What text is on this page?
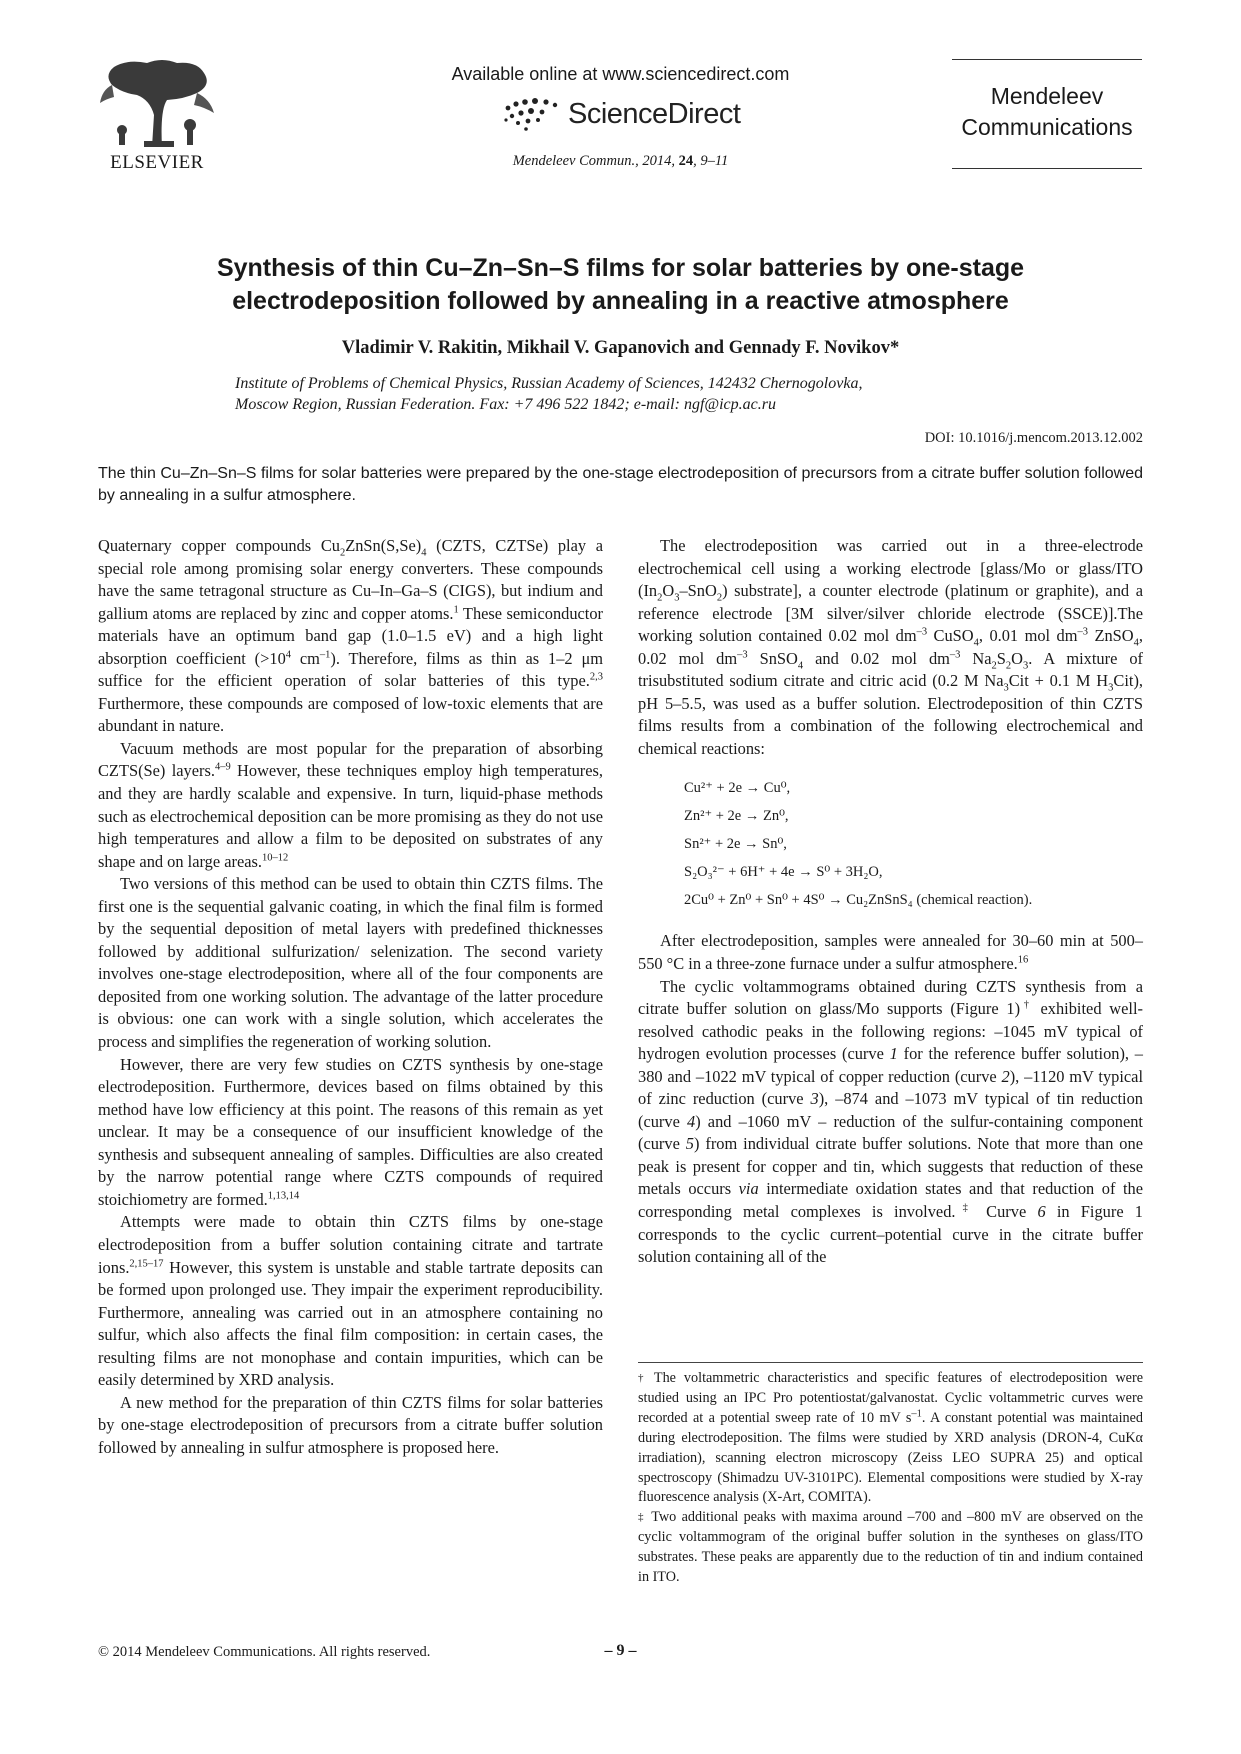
ELSEVIER
Available online at www.sciencedirect.com
ScienceDirect
Mendeleev Commun., 2014, 24, 9–11
Mendeleev
Communications
Synthesis of thin Cu–Zn–Sn–S films for solar batteries by one-stage electrodeposition followed by annealing in a reactive atmosphere
Vladimir V. Rakitin, Mikhail V. Gapanovich and Gennady F. Novikov*
Institute of Problems of Chemical Physics, Russian Academy of Sciences, 142432 Chernogolovka,
Moscow Region, Russian Federation. Fax: +7 496 522 1842; e-mail: ngf@icp.ac.ru
DOI: 10.1016/j.mencom.2013.12.002
The thin Cu–Zn–Sn–S films for solar batteries were prepared by the one-stage electrodeposition of precursors from a citrate buffer solution followed by annealing in a sulfur atmosphere.

Quaternary copper compounds $Cu_2ZnSn(S,Se)_4$ (CZTS, CZTSe) play a special role among promising solar energy converters. These compounds have the same tetragonal structure as Cu–In–Ga–S (CIGS), but indium and gallium atoms are replaced by zinc and copper atoms.$^1$ These semiconductor materials have an optimum band gap (1.0–1.5 eV) and a high light absorption coefficient ($>10^4$ $cm^{-1}$). Therefore, films as thin as 1–2 μm suffice for the efficient operation of solar batteries of this type.$^{2,3}$ Furthermore, these compounds are composed of low-toxic elements that are abundant in nature.

Vacuum methods are most popular for the preparation of absorbing CZTS(Se) layers.$^{4-9}$ However, these techniques employ high temperatures, and they are hardly scalable and expensive. In turn, liquid-phase methods such as electrochemical deposition can be more promising as they do not use high temperatures and allow a film to be deposited on substrates of any shape and on large areas.$^{10-12}$

Two versions of this method can be used to obtain thin CZTS films. The first one is the sequential galvanic coating, in which the final film is formed by the sequential deposition of metal layers with predefined thicknesses followed by additional sulfurization/ selenization. The second variety involves one-stage electrodeposition, where all of the four components are deposited from one working solution. The advantage of the latter procedure is obvious: one can work with a single solution, which accelerates the process and simplifies the regeneration of working solution.

However, there are very few studies on CZTS synthesis by one-stage electrodeposition. Furthermore, devices based on films obtained by this method have low efficiency at this point. The reasons of this remain as yet unclear. It may be a consequence of our insufficient knowledge of the synthesis and subsequent annealing of samples. Difficulties are also created by the narrow potential range where CZTS compounds of required stoichiometry are formed.$^{1,13,14}$

Attempts were made to obtain thin CZTS films by one-stage electrodeposition from a buffer solution containing citrate and tartrate ions.$^{2,15-17}$ However, this system is unstable and stable tartrate deposits can be formed upon prolonged use. They impair the experiment reproducibility. Furthermore, annealing was carried out in an atmosphere containing no sulfur, which also affects the final film composition: in certain cases, the resulting films are not monophase and contain impurities, which can be easily determined by XRD analysis.

A new method for the preparation of thin CZTS films for solar batteries by one-stage electrodeposition of precursors from a citrate buffer solution followed by annealing in sulfur atmosphere is proposed here.

The electrodeposition was carried out in a three-electrode electrochemical cell using a working electrode [glass/Mo or glass/ITO $(In_2O_3-SnO_2)$ substrate], a counter electrode (platinum or graphite), and a reference electrode [3M silver/silver chloride electrode (SSCE)].The working solution contained 0.02 mol $dm^{-3}$ CuSO$_4$, 0.01 mol $dm^{-3}$ ZnSO$_4$, 0.02 mol $dm^{-3}$ SnSO$_4$ and 0.02 mol $dm^{-3}$ $Na_2S_2O_3$. A mixture of trisubstituted sodium citrate and citric acid (0.2 M $Na_3Cit + 0.1$ M $H_3Cit$), pH 5–5.5, was used as a buffer solution. Electrodeposition of thin CZTS films results from a combination of the following electrochemical and chemical reactions:

Cu²⁺ + 2e → Cu⁰,
Zn²⁺ + 2e → Zn⁰,
Sn²⁺ + 2e → Sn⁰,
S₂O₃²⁻ + 6H⁺ + 4e → S⁰ + 3H₂O,
2Cu⁰ + Zn⁰ + Sn⁰ + 4S⁰ → Cu₂ZnSnS₄ (chemical reaction).

After electrodeposition, samples were annealed for 30–60 min at 500–550 °C in a three-zone furnace under a sulfur atmosphere.$^{16}$

The cyclic voltammograms obtained during CZTS synthesis from a citrate buffer solution on glass/Mo supports (Figure 1)† exhibited well-resolved cathodic peaks in the following regions: –1045 mV typical of hydrogen evolution processes (curve 1 for the reference buffer solution), –380 and –1022 mV typical of copper reduction (curve 2), –1120 mV typical of zinc reduction (curve 3), –874 and –1073 mV typical of tin reduction (curve 4) and –1060 mV – reduction of the sulfur-containing component (curve 5) from individual citrate buffer solutions. Note that more than one peak is present for copper and tin, which suggests that reduction of these metals occurs via intermediate oxidation states and that reduction of the corresponding metal complexes is involved.‡ Curve 6 in Figure 1 corresponds to the cyclic current–potential curve in the citrate buffer solution containing all of the

† The voltammetric characteristics and specific features of electrodeposition were studied using an IPC Pro potentiostat/galvanostat. Cyclic voltammetric curves were recorded at a potential sweep rate of 10 mV $s^{-1}$. A constant potential was maintained during electrodeposition. The films were studied by XRD analysis (DRON-4, CuKα irradiation), scanning electron microscopy (Zeiss LEO SUPRA 25) and optical spectroscopy (Shimadzu UV-3101PC). Elemental compositions were studied by X-ray fluorescence analysis (X-Art, COMITA).

‡ Two additional peaks with maxima around –700 and –800 mV are observed on the cyclic voltammogram of the original buffer solution in the syntheses on glass/ITO substrates. These peaks are apparently due to the reduction of tin and indium contained in ITO.

© 2014 Mendeleev Communications. All rights reserved.	– 9 –
